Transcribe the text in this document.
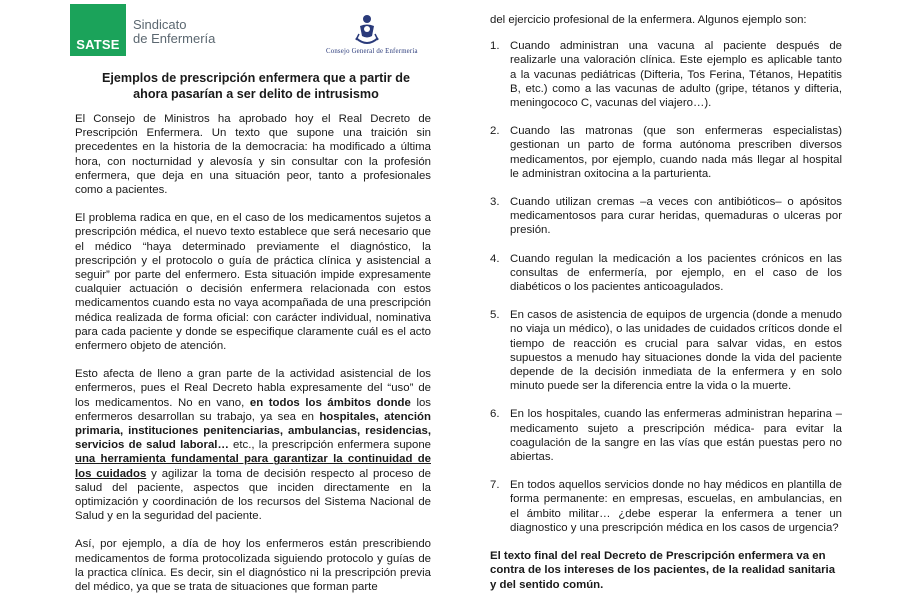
SATSE
Sindicato
de Enfermería
Consejo General de Enfermería
Ejemplos de prescripción enfermera que a partir de
ahora pasarían a ser delito de intrusismo

El Consejo de Ministros ha aprobado hoy el Real Decreto de Prescripción Enfermera. Un texto que supone una traición sin precedentes en la historia de la democracia: ha modificado a última hora, con nocturnidad y alevosía y sin consultar con la profesión enfermera, que deja en una situación peor, tanto a profesionales como a pacientes.

El problema radica en que, en el caso de los medicamentos sujetos a prescripción médica, el nuevo texto establece que será necesario que el médico “haya determinado previamente el diagnóstico, la prescripción y el protocolo o guía de práctica clínica y asistencial a seguir” por parte del enfermero. Esta situación impide expresamente cualquier actuación o decisión enfermera relacionada con estos medicamentos cuando esta no vaya acompañada de una prescripción médica realizada de forma oficial: con carácter individual, nominativa para cada paciente y donde se especifique claramente cuál es el acto enfermero objeto de atención.

Esto afecta de lleno a gran parte de la actividad asistencial de los enfermeros, pues el Real Decreto habla expresamente del “uso” de los medicamentos. No en vano, en todos los ámbitos donde los enfermeros desarrollan su trabajo, ya sea en hospitales, atención primaria, instituciones penitenciarias, ambulancias, residencias, servicios de salud laboral… etc., la prescripción enfermera supone una herramienta fundamental para garantizar la continuidad de los cuidados y agilizar la toma de decisión respecto al proceso de salud del paciente, aspectos que inciden directamente en la optimización y coordinación de los recursos del Sistema Nacional de Salud y en la seguridad del paciente.

Así, por ejemplo, a día de hoy los enfermeros están prescribiendo medicamentos de forma protocolizada siguiendo protocolo y guías de la practica clínica. Es decir, sin el diagnóstico ni la prescripción previa del médico, ya que se trata de situaciones que forman parte

del ejercicio profesional de la enfermera. Algunos ejemplo son:

1. Cuando administran una vacuna al paciente después de realizarle una valoración clínica. Este ejemplo es aplicable tanto a la vacunas pediátricas (Difteria, Tos Ferina, Tétanos, Hepatitis B, etc.) como a las vacunas de adulto (gripe, tétanos y difteria, meningococo C, vacunas del viajero…).
2. Cuando las matronas (que son enfermeras especialistas) gestionan un parto de forma autónoma prescriben diversos medicamentos, por ejemplo, cuando nada más llegar al hospital le administran oxitocina a la parturienta.
3. Cuando utilizan cremas –a veces con antibióticos– o apósitos medicamentosos para curar heridas, quemaduras o ulceras por presión.
4. Cuando regulan la medicación a los pacientes crónicos en las consultas de enfermería, por ejemplo, en el caso de los diabéticos o los pacientes anticoagulados.
5. En casos de asistencia de equipos de urgencia (donde a menudo no viaja un médico), o las unidades de cuidados críticos donde el tiempo de reacción es crucial para salvar vidas, en estos supuestos a menudo hay situaciones donde la vida del paciente depende de la decisión inmediata de la enfermera y en solo minuto puede ser la diferencia entre la vida o la muerte.
6. En los hospitales, cuando las enfermeras administran heparina – medicamento sujeto a prescripción médica- para evitar la coagulación de la sangre en las vías que están puestas pero no abiertas.
7. En todos aquellos servicios donde no hay médicos en plantilla de forma permanente: en empresas, escuelas, en ambulancias, en el ámbito militar… ¿debe esperar la enfermera a tener un diagnostico y una prescripción médica en los casos de urgencia?

El texto final del real Decreto de Prescripción enfermera va en contra de los intereses de los pacientes, de la realidad sanitaria y del sentido común.
